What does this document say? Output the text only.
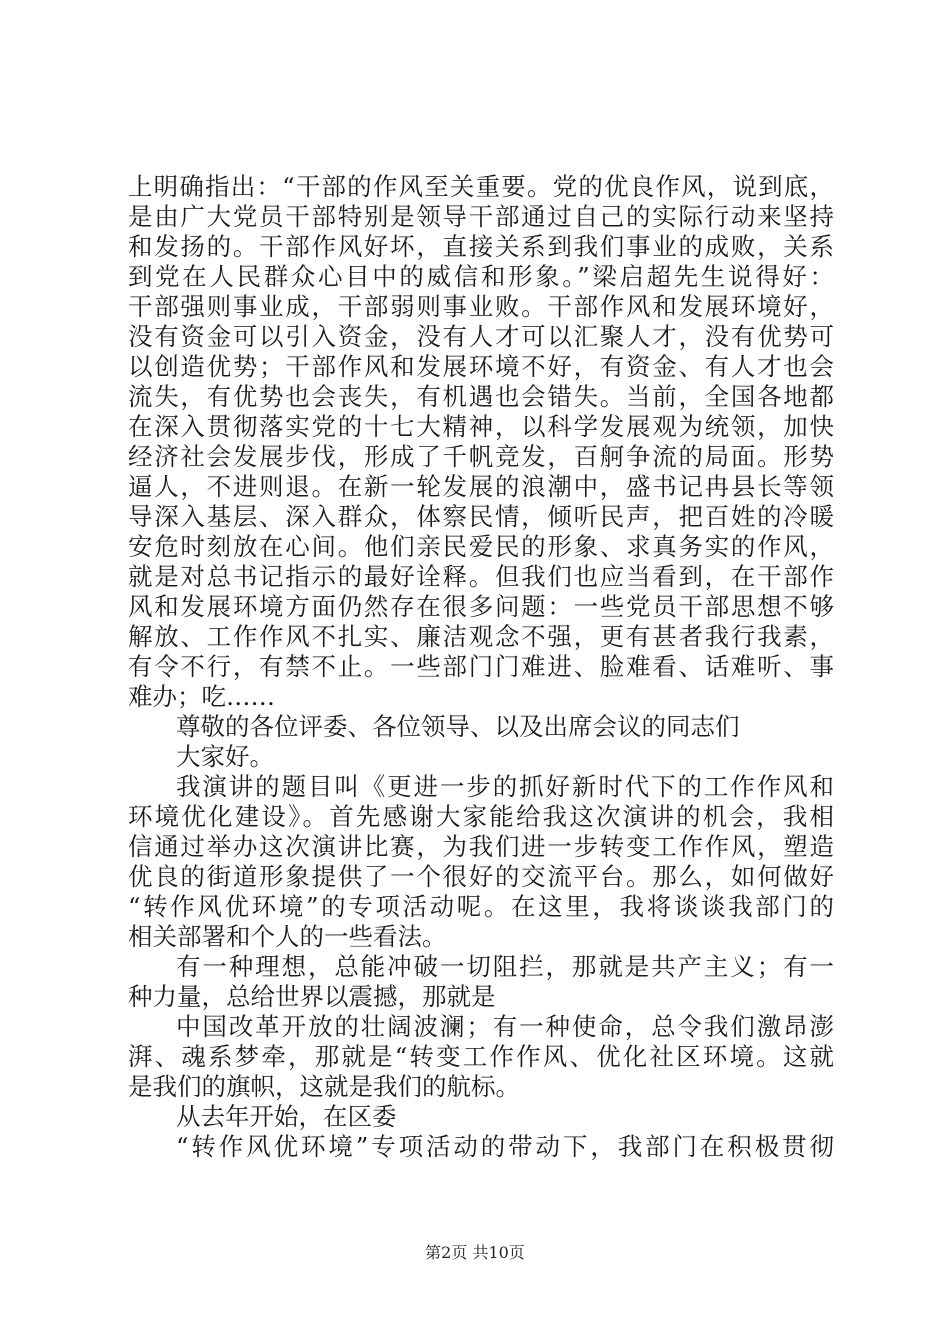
上明确指出：“干部的作风至关重要。党的优良作风，说到底，
是由广大党员干部特别是领导干部通过自己的实际行动来坚持
和发扬的。干部作风好坏，直接关系到我们事业的成败，关系
到党在人民群众心目中的威信和形象。”梁启超先生说得好：
干部强则事业成，干部弱则事业败。干部作风和发展环境好，
没有资金可以引入资金，没有人才可以汇聚人才，没有优势可
以创造优势；干部作风和发展环境不好，有资金、有人才也会
流失，有优势也会丧失，有机遇也会错失。当前，全国各地都
在深入贯彻落实党的十七大精神，以科学发展观为统领，加快
经济社会发展步伐，形成了千帆竞发，百舸争流的局面。形势
逼人，不进则退。在新一轮发展的浪潮中，盛书记冉县长等领
导深入基层、深入群众，体察民情，倾听民声，把百姓的冷暖
安危时刻放在心间。他们亲民爱民的形象、求真务实的作风，
就是对总书记指示的最好诠释。但我们也应当看到，在干部作
风和发展环境方面仍然存在很多问题：一些党员干部思想不够
解放、工作作风不扎实、廉洁观念不强，更有甚者我行我素，
有令不行，有禁不止。一些部门门难进、脸难看、话难听、事
难办；吃……
尊敬的各位评委、各位领导、以及出席会议的同志们
大家好。
我演讲的题目叫《更进一步的抓好新时代下的工作作风和
环境优化建设》。首先感谢大家能给我这次演讲的机会，我相
信通过举办这次演讲比赛，为我们进一步转变工作作风，塑造
优良的街道形象提供了一个很好的交流平台。那么，如何做好
“转作风优环境”的专项活动呢。在这里，我将谈谈我部门的
相关部署和个人的一些看法。
有一种理想，总能冲破一切阻拦，那就是共产主义；有一
种力量，总给世界以震撼，那就是
中国改革开放的壮阔波澜；有一种使命，总令我们激昂澎
湃、魂系梦牵，那就是“转变工作作风、优化社区环境。这就
是我们的旗帜，这就是我们的航标。
从去年开始，在区委
“转作风优环境”专项活动的带动下，我部门在积极贯彻
第2页 共10页
